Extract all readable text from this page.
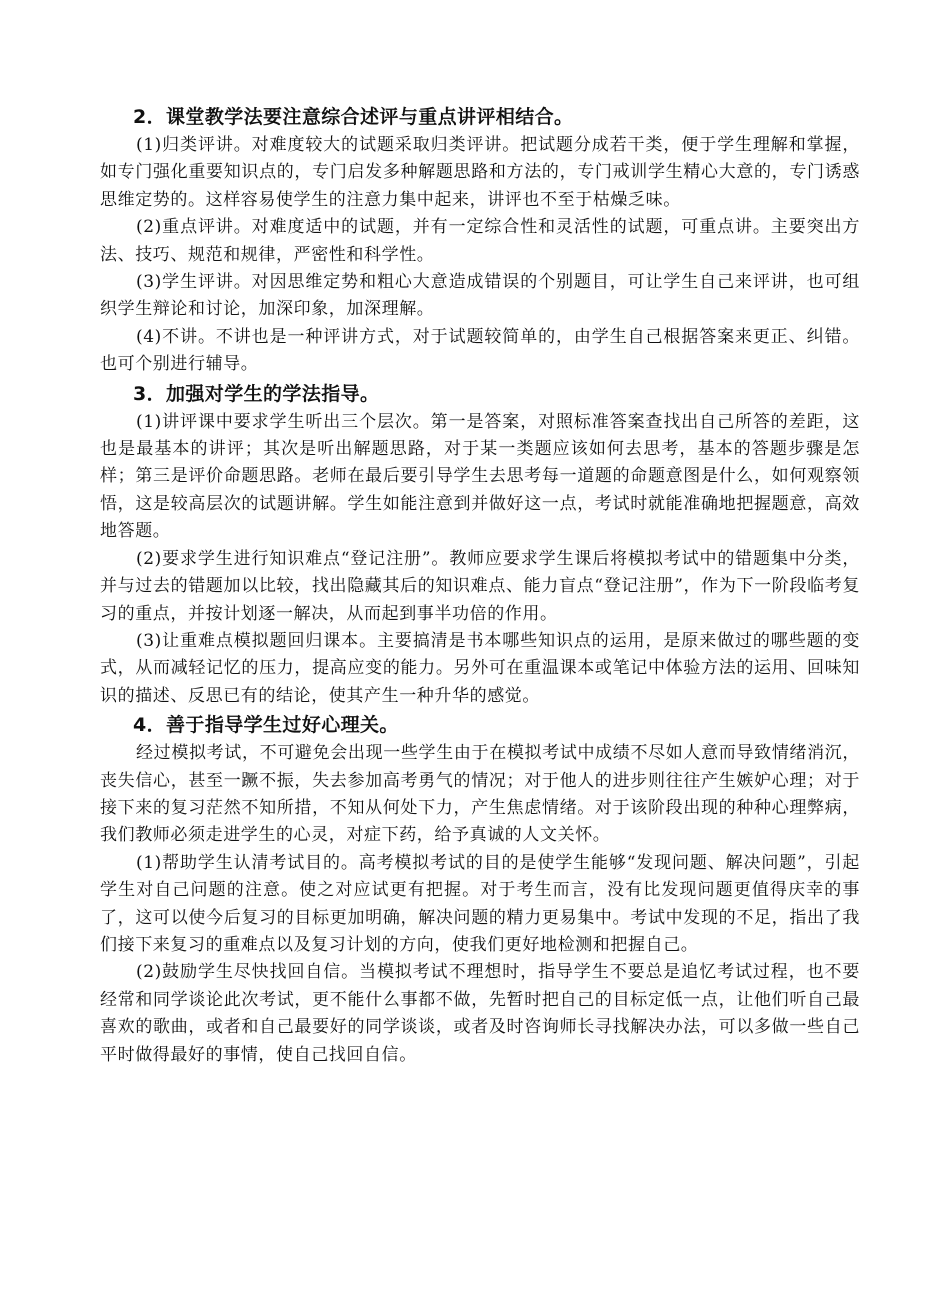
2．课堂教学法要注意综合述评与重点讲评相结合。

(1)归类评讲。对难度较大的试题采取归类评讲。把试题分成若干类，便于学生理解和掌握，如专门强化重要知识点的，专门启发多种解题思路和方法的，专门戒训学生精心大意的，专门诱惑思维定势的。这样容易使学生的注意力集中起来，讲评也不至于枯燥乏味。

(2)重点评讲。对难度适中的试题，并有一定综合性和灵活性的试题，可重点讲。主要突出方法、技巧、规范和规律，严密性和科学性。

(3)学生评讲。对因思维定势和粗心大意造成错误的个别题目，可让学生自己来评讲，也可组织学生辩论和讨论，加深印象，加深理解。

(4)不讲。不讲也是一种评讲方式，对于试题较简单的，由学生自己根据答案来更正、纠错。也可个别进行辅导。

3．加强对学生的学法指导。

(1)讲评课中要求学生听出三个层次。第一是答案，对照标准答案查找出自己所答的差距，这也是最基本的讲评；其次是听出解题思路，对于某一类题应该如何去思考，基本的答题步骤是怎样；第三是评价命题思路。老师在最后要引导学生去思考每一道题的命题意图是什么，如何观察领悟，这是较高层次的试题讲解。学生如能注意到并做好这一点，考试时就能准确地把握题意，高效地答题。

(2)要求学生进行知识难点“登记注册”。教师应要求学生课后将模拟考试中的错题集中分类，并与过去的错题加以比较，找出隐藏其后的知识难点、能力盲点“登记注册”，作为下一阶段临考复习的重点，并按计划逐一解决，从而起到事半功倍的作用。

(3)让重难点模拟题回归课本。主要搞清是书本哪些知识点的运用，是原来做过的哪些题的变式，从而减轻记忆的压力，提高应变的能力。另外可在重温课本或笔记中体验方法的运用、回味知识的描述、反思已有的结论，使其产生一种升华的感觉。

4．善于指导学生过好心理关。

经过模拟考试，不可避免会出现一些学生由于在模拟考试中成绩不尽如人意而导致情绪消沉，丧失信心，甚至一蹶不振，失去参加高考勇气的情况；对于他人的进步则往往产生嫉妒心理；对于接下来的复习茫然不知所措，不知从何处下力，产生焦虑情绪。对于该阶段出现的种种心理弊病，我们教师必须走进学生的心灵，对症下药，给予真诚的人文关怀。

(1)帮助学生认清考试目的。高考模拟考试的目的是使学生能够“发现问题、解决问题”，引起学生对自己问题的注意。使之对应试更有把握。对于考生而言，没有比发现问题更值得庆幸的事了，这可以使今后复习的目标更加明确，解决问题的精力更易集中。考试中发现的不足，指出了我们接下来复习的重难点以及复习计划的方向，使我们更好地检测和把握自己。

(2)鼓励学生尽快找回自信。当模拟考试不理想时，指导学生不要总是追忆考试过程，也不要经常和同学谈论此次考试，更不能什么事都不做，先暂时把自己的目标定低一点，让他们听自己最喜欢的歌曲，或者和自己最要好的同学谈谈，或者及时咨询师长寻找解决办法，可以多做一些自己平时做得最好的事情，使自己找回自信。
